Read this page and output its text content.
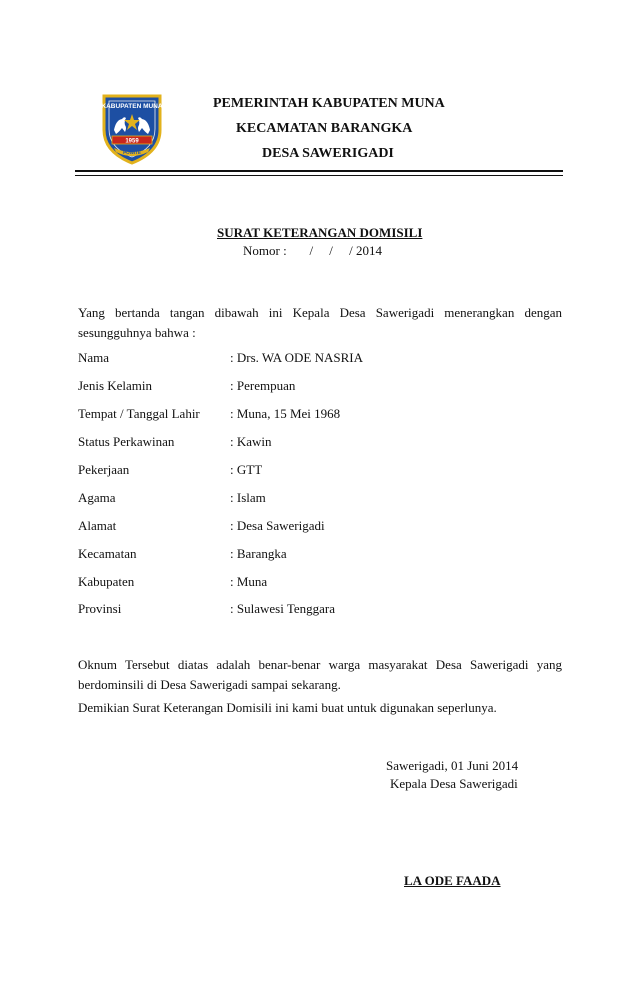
KABUPATEN MUNA
1959
POWITE
PEMERINTAH KABUPATEN MUNA
KECAMATAN BARANGKA
DESA SAWERIGADI
SURAT KETERANGAN DOMISILI
Nomor :       /     /     / 2014
Yang bertanda tangan dibawah ini Kepala Desa Sawerigadi menerangkan dengan sesungguhnya bahwa :
Nama	: Drs. WA ODE NASRIA
Jenis Kelamin	: Perempuan
Tempat / Tanggal Lahir : Muna, 15 Mei 1968
Status Perkawinan	: Kawin
Pekerjaan	: GTT
Agama	: Islam
Alamat	: Desa Sawerigadi
Kecamatan	: Barangka
Kabupaten	: Muna
Provinsi	: Sulawesi Tenggara
Oknum Tersebut diatas adalah benar-benar warga masyarakat Desa Sawerigadi yang berdominsili di Desa Sawerigadi sampai sekarang.
Demikian Surat Keterangan Domisili ini kami buat untuk digunakan seperlunya.
Sawerigadi, 01 Juni 2014
Kepala Desa Sawerigadi
LA ODE FAADA
